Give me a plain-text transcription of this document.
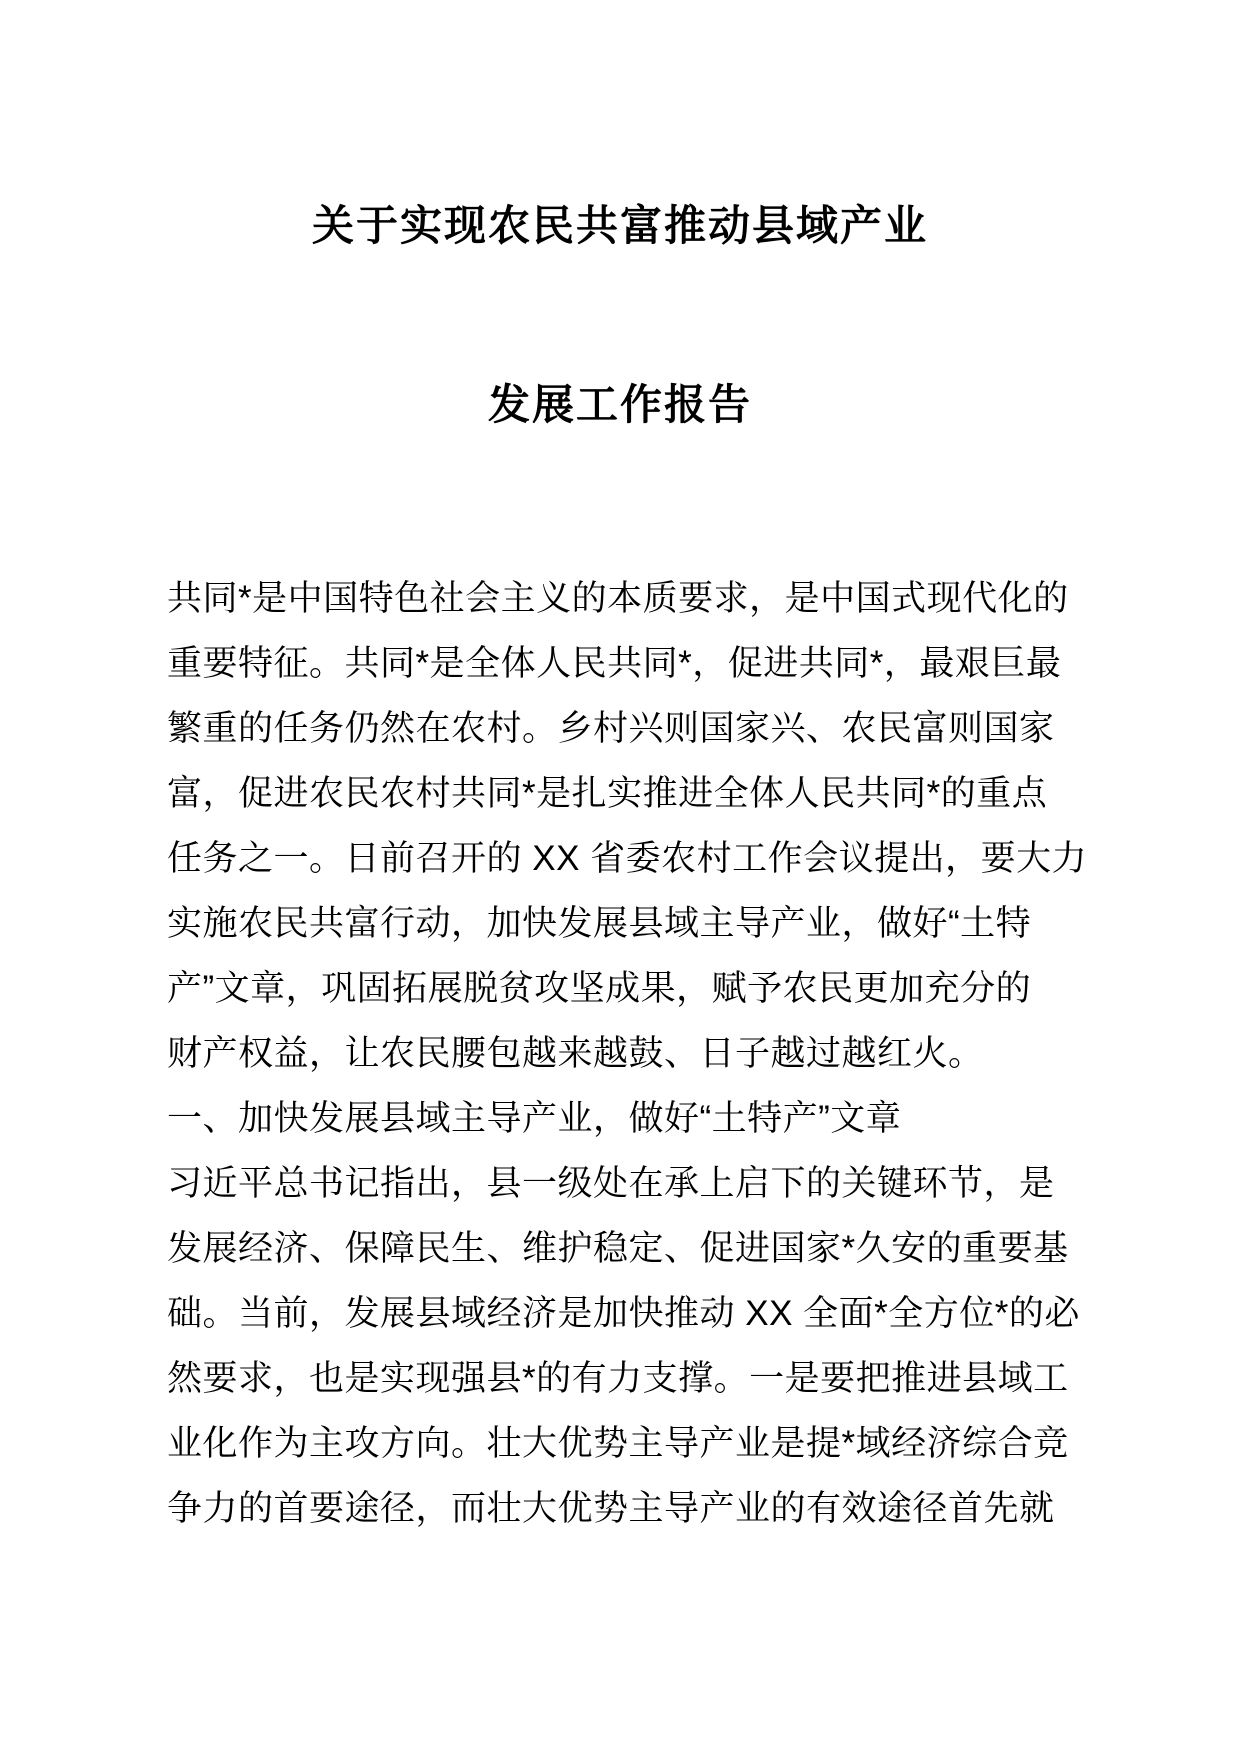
关于实现农民共富推动县域产业
发展工作报告
共同*是中国特色社会主义的本质要求，是中国式现代化的
重要特征。共同*是全体人民共同*，促进共同*，最艰巨最
繁重的任务仍然在农村。乡村兴则国家兴、农民富则国家
富，促进农民农村共同*是扎实推进全体人民共同*的重点
任务之一。日前召开的 XX 省委农村工作会议提出，要大力
实施农民共富行动，加快发展县域主导产业，做好“土特
产”文章，巩固拓展脱贫攻坚成果，赋予农民更加充分的
财产权益，让农民腰包越来越鼓、日子越过越红火。
一、加快发展县域主导产业，做好“土特产”文章
习近平总书记指出，县一级处在承上启下的关键环节，是
发展经济、保障民生、维护稳定、促进国家*久安的重要基
础。当前，发展县域经济是加快推动 XX 全面*全方位*的必
然要求，也是实现强县*的有力支撑。一是要把推进县域工
业化作为主攻方向。壮大优势主导产业是提*域经济综合竞
争力的首要途径，而壮大优势主导产业的有效途径首先就
